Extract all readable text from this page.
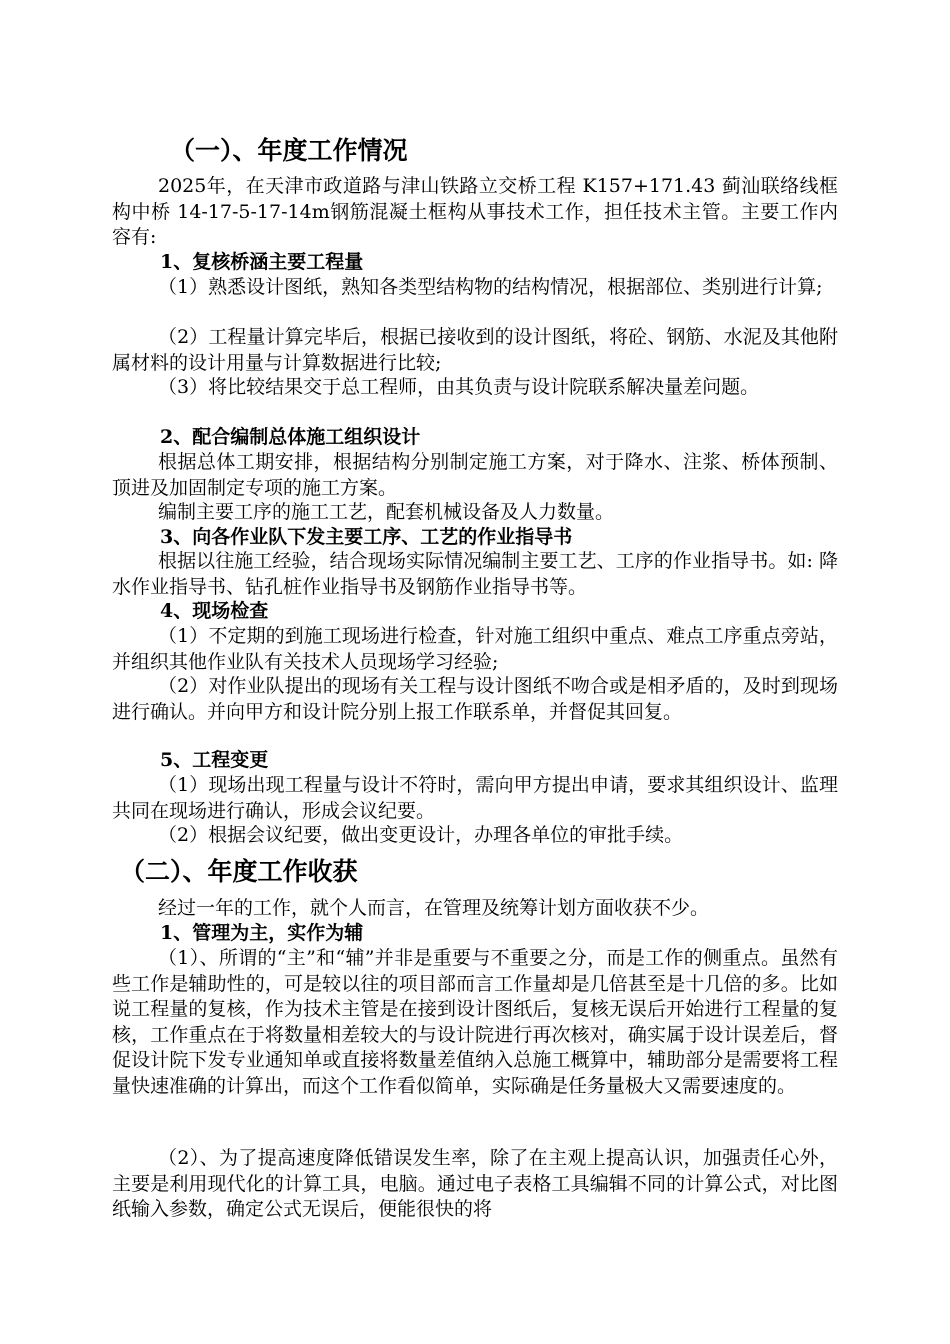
（一）、年度工作情况

2025年，在天津市政道路与津山铁路立交桥工程 K157+171.43 蓟汕联络线框构中桥 14-17-5-17-14m钢筋混凝土框构从事技术工作，担任技术主管。主要工作内容有:

1、复核桥涵主要工程量

（1）熟悉设计图纸，熟知各类型结构物的结构情况，根据部位、类别进行计算;

（2）工程量计算完毕后，根据已接收到的设计图纸，将砼、钢筋、水泥及其他附属材料的设计用量与计算数据进行比较;

（3）将比较结果交于总工程师，由其负责与设计院联系解决量差问题。

2、配合编制总体施工组织设计

根据总体工期安排，根据结构分别制定施工方案，对于降水、注浆、桥体预制、顶进及加固制定专项的施工方案。

编制主要工序的施工工艺，配套机械设备及人力数量。

3、向各作业队下发主要工序、工艺的作业指导书

根据以往施工经验，结合现场实际情况编制主要工艺、工序的作业指导书。如: 降水作业指导书、钻孔桩作业指导书及钢筋作业指导书等。

4、现场检查

（1）不定期的到施工现场进行检查，针对施工组织中重点、难点工序重点旁站，并组织其他作业队有关技术人员现场学习经验;

（2）对作业队提出的现场有关工程与设计图纸不吻合或是相矛盾的，及时到现场进行确认。并向甲方和设计院分别上报工作联系单，并督促其回复。

5、工程变更

（1）现场出现工程量与设计不符时，需向甲方提出申请，要求其组织设计、监理共同在现场进行确认，形成会议纪要。

（2）根据会议纪要，做出变更设计，办理各单位的审批手续。

（二）、年度工作收获

经过一年的工作，就个人而言，在管理及统筹计划方面收获不少。

1、管理为主，实作为辅

（1）、所谓的“主”和“辅”并非是重要与不重要之分，而是工作的侧重点。虽然有些工作是辅助性的，可是较以往的项目部而言工作量却是几倍甚至是十几倍的多。比如说工程量的复核，作为技术主管是在接到设计图纸后，复核无误后开始进行工程量的复核，工作重点在于将数量相差较大的与设计院进行再次核对，确实属于设计误差后，督促设计院下发专业通知单或直接将数量差值纳入总施工概算中，辅助部分是需要将工程量快速准确的计算出，而这个工作看似简单，实际确是任务量极大又需要速度的。

（2）、为了提高速度降低错误发生率，除了在主观上提高认识，加强责任心外，主要是利用现代化的计算工具，电脑。通过电子表格工具编辑不同的计算公式，对比图纸输入参数，确定公式无误后，便能很快的将
